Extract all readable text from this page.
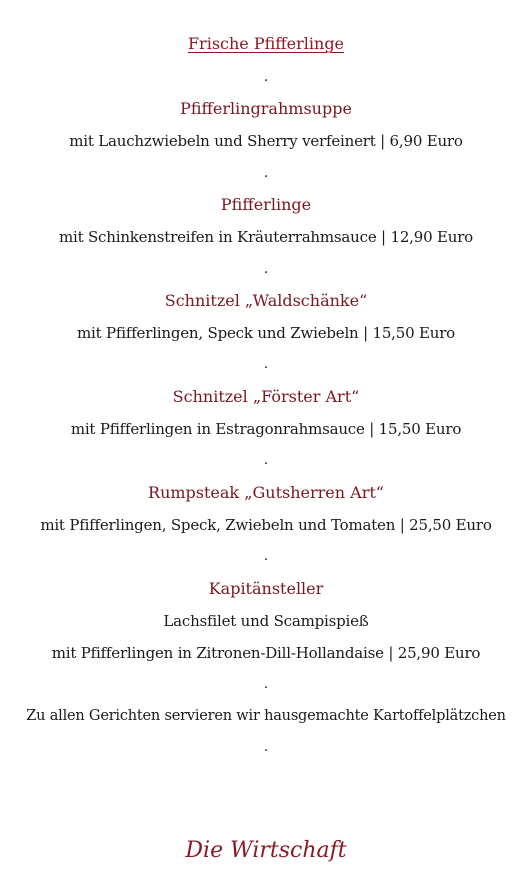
Frische Pfifferlinge
.
Pfifferlingrahmsuppe
mit Lauchzwiebeln und Sherry verfeinert | 6,90 Euro
.
Pfifferlinge
mit Schinkenstreifen in Kräuterrahmsauce | 12,90 Euro
.
Schnitzel „Waldschänke“
mit Pfifferlingen, Speck und Zwiebeln | 15,50 Euro
.
Schnitzel „Förster Art“
mit Pfifferlingen in Estragonrahmsauce | 15,50 Euro
.
Rumpsteak „Gutsherren Art“
mit Pfifferlingen, Speck, Zwiebeln und Tomaten | 25,50 Euro
.
Kapitänsteller
Lachsfilet und Scampispieß
mit Pfifferlingen in Zitronen-Dill-Hollandaise | 25,90 Euro
.
Zu allen Gerichten servieren wir hausgemachte Kartoffelplätzchen
.
Die Wirtschaft
